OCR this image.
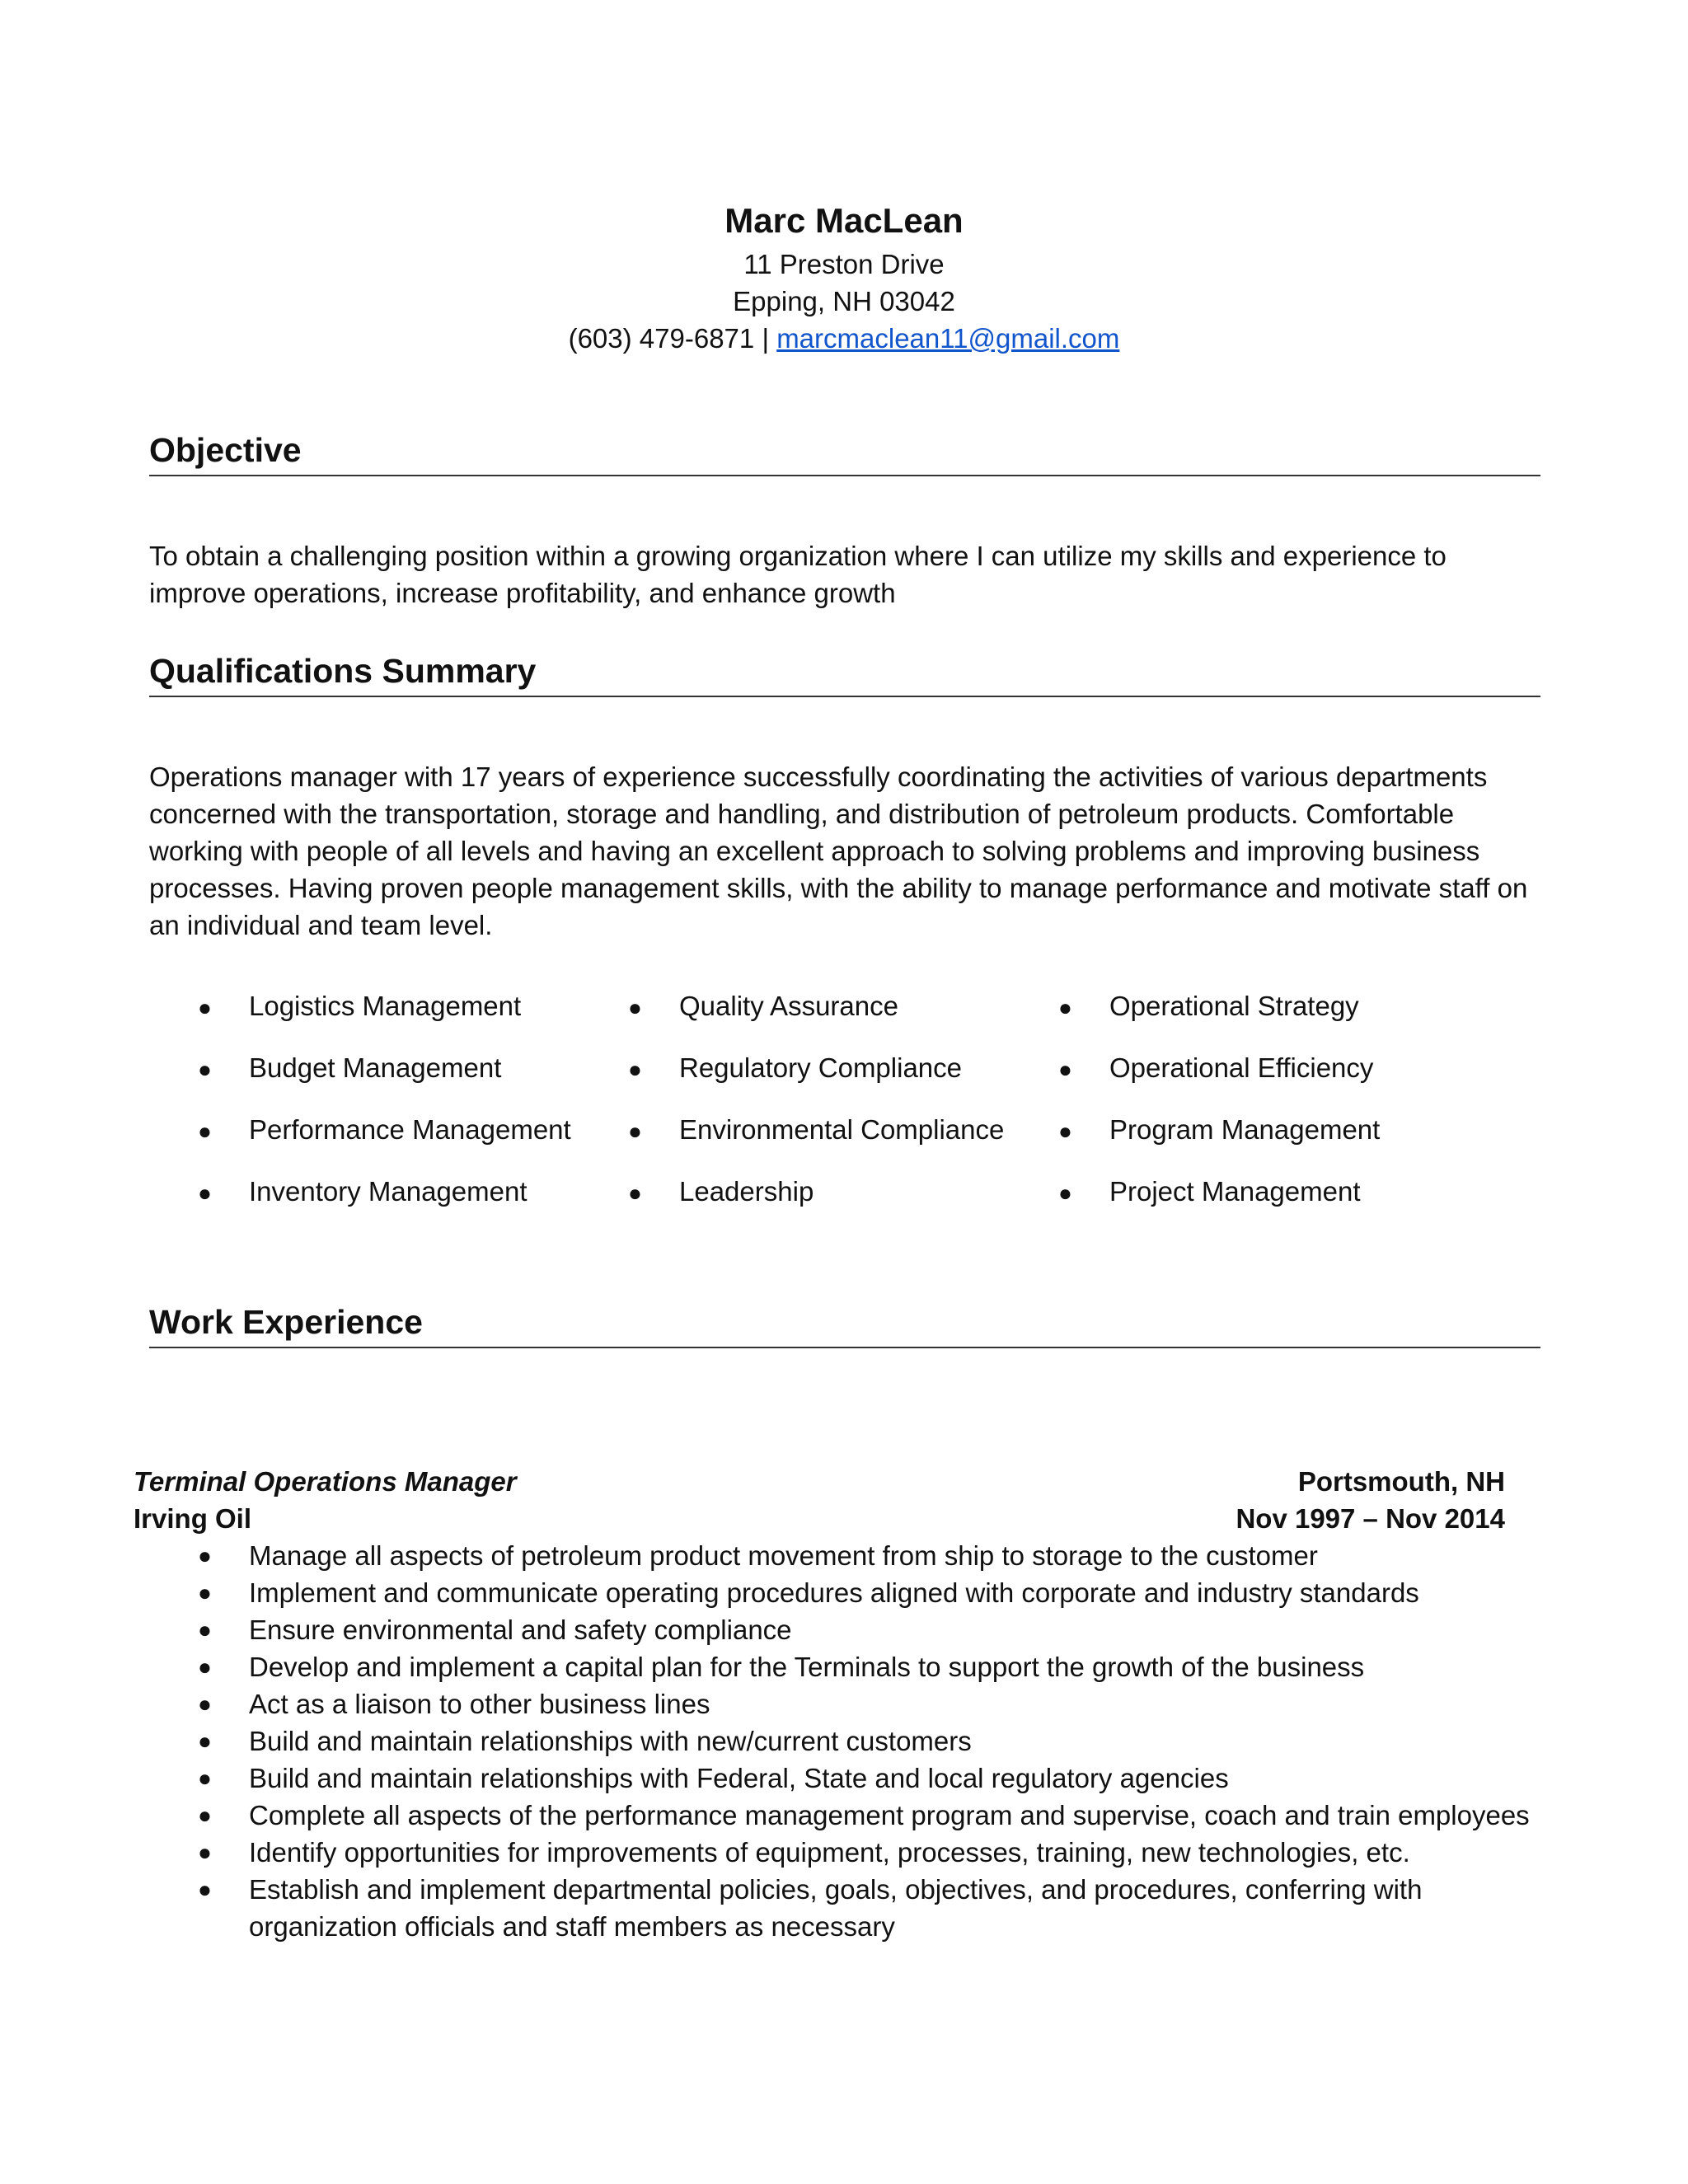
Marc MacLean
11 Preston Drive
Epping, NH 03042
(603) 479-6871 | marcmaclean11@gmail.com
Objective
To obtain a challenging position within a growing organization where I can utilize my skills and experience to improve operations, increase profitability, and enhance growth
Qualifications Summary
Operations manager with 17 years of experience successfully coordinating the activities of various departments concerned with the transportation, storage and handling, and distribution of petroleum products. Comfortable working with people of all levels and having an excellent approach to solving problems and improving business processes. Having proven people management skills, with the ability to manage performance and motivate staff on an individual and team level.
● Logistics Management	● Quality Assurance	● Operational Strategy
● Budget Management	● Regulatory Compliance	● Operational Efficiency
● Performance Management ● Environmental Compliance ● Program Management
● Inventory Management	● Leadership	● Project Management
Work Experience
Terminal Operations Manager	Portsmouth, NH
Irving Oil	Nov 1997 – Nov 2014
● Manage all aspects of petroleum product movement from ship to storage to the customer
● Implement and communicate operating procedures aligned with corporate and industry standards
● Ensure environmental and safety compliance
● Develop and implement a capital plan for the Terminals to support the growth of the business
● Act as a liaison to other business lines
● Build and maintain relationships with new/current customers
● Build and maintain relationships with Federal, State and local regulatory agencies
● Complete all aspects of the performance management program and supervise, coach and train employees
● Identify opportunities for improvements of equipment, processes, training, new technologies, etc.
● Establish and implement departmental policies, goals, objectives, and procedures, conferring with organization officials and staff members as necessary
